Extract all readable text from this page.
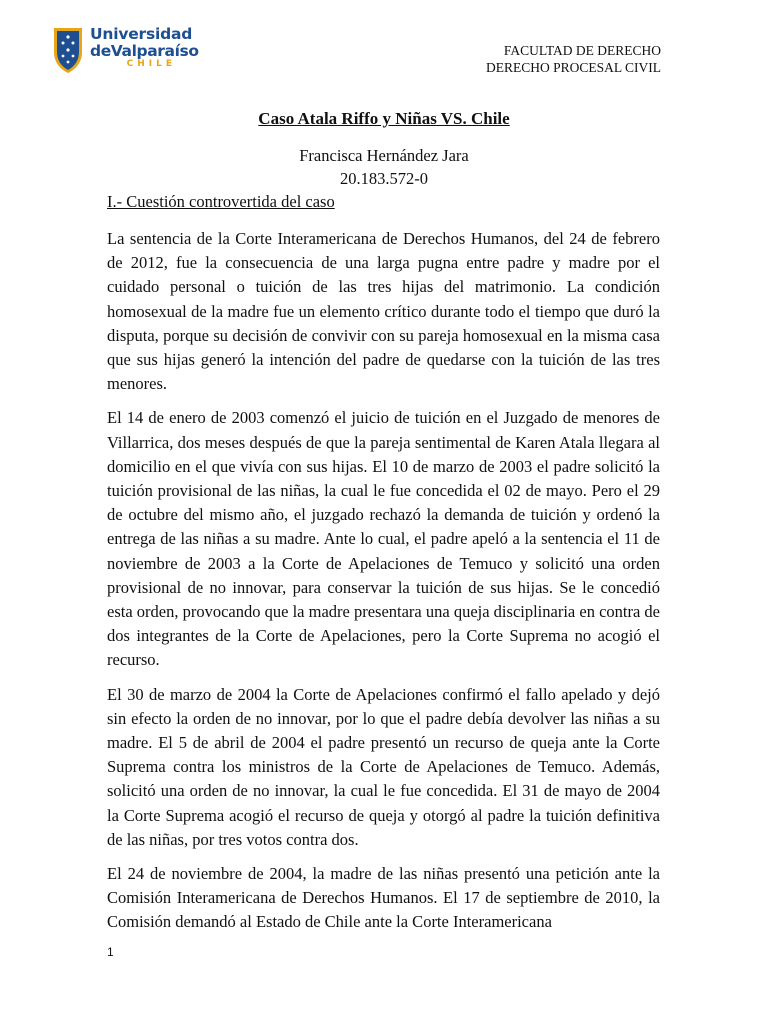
Universidad
deValparaíso
CHILE
FACULTAD DE DERECHO
DERECHO PROCESAL CIVIL
Caso Atala Riffo y Niñas VS. Chile
Francisca Hernández Jara
20.183.572-0
I.- Cuestión controvertida del caso

La sentencia de la Corte Interamericana de Derechos Humanos, del 24 de febrero de 2012, fue la consecuencia de una larga pugna entre padre y madre por el cuidado personal o tuición de las tres hijas del matrimonio. La condición homosexual de la madre fue un elemento crítico durante todo el tiempo que duró la disputa, porque su decisión de convivir con su pareja homosexual en la misma casa que sus hijas generó la intención del padre de quedarse con la tuición de las tres menores.

El 14 de enero de 2003 comenzó el juicio de tuición en el Juzgado de menores de Villarrica, dos meses después de que la pareja sentimental de Karen Atala llegara al domicilio en el que vivía con sus hijas. El 10 de marzo de 2003 el padre solicitó la tuición provisional de las niñas, la cual le fue concedida el 02 de mayo. Pero el 29 de octubre del mismo año, el juzgado rechazó la demanda de tuición y ordenó la entrega de las niñas a su madre. Ante lo cual, el padre apeló a la sentencia el 11 de noviembre de 2003 a la Corte de Apelaciones de Temuco y solicitó una orden provisional de no innovar, para conservar la tuición de sus hijas. Se le concedió esta orden, provocando que la madre presentara una queja disciplinaria en contra de dos integrantes de la Corte de Apelaciones, pero la Corte Suprema no acogió el recurso.

El 30 de marzo de 2004 la Corte de Apelaciones confirmó el fallo apelado y dejó sin efecto la orden de no innovar, por lo que el padre debía devolver las niñas a su madre. El 5 de abril de 2004 el padre presentó un recurso de queja ante la Corte Suprema contra los ministros de la Corte de Apelaciones de Temuco. Además, solicitó una orden de no innovar, la cual le fue concedida. El 31 de mayo de 2004 la Corte Suprema acogió el recurso de queja y otorgó al padre la tuición definitiva de las niñas, por tres votos contra dos.

El 24 de noviembre de 2004, la madre de las niñas presentó una petición ante la Comisión Interamericana de Derechos Humanos. El 17 de septiembre de 2010, la Comisión demandó al Estado de Chile ante la Corte Interamericana

1
